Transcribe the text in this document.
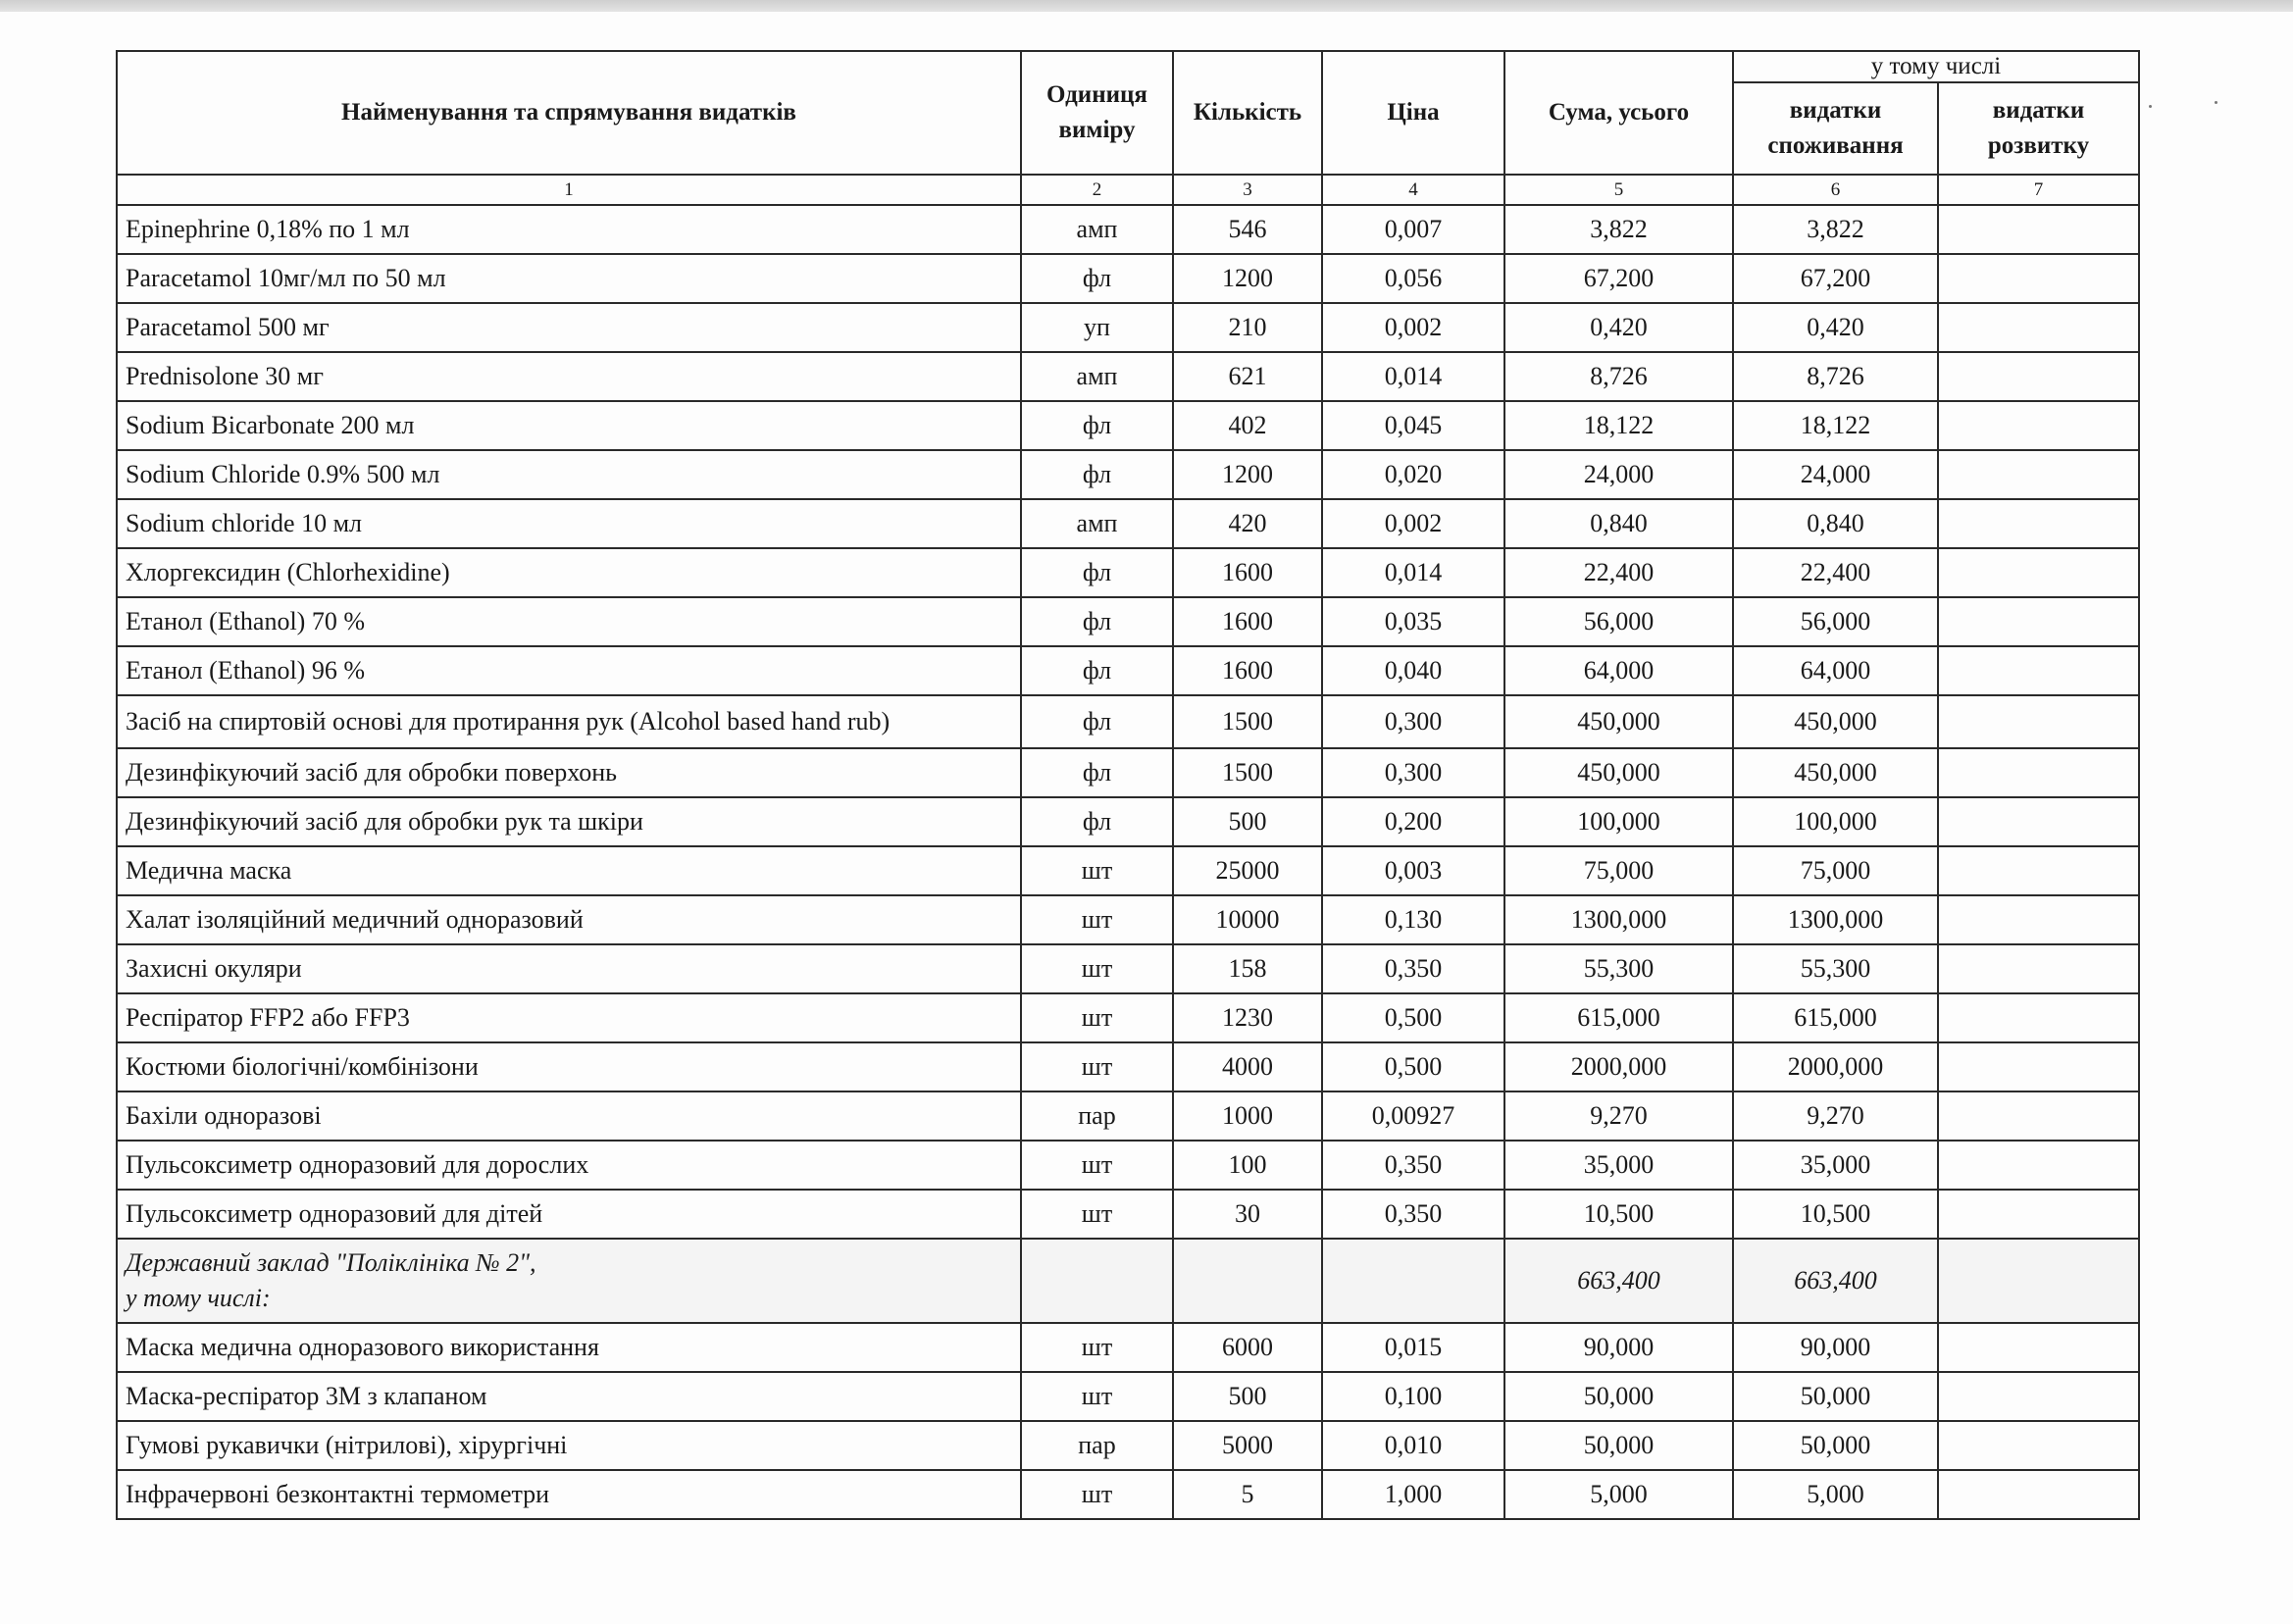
Найменування та спрямування видатків	Одиниця виміру	Кількість	Ціна	Сума, усього	у тому числі	
					видатки споживання	видатки розвитку
1	2	3	4	5	6	7
Epinephrine 0,18% по 1 мл	амп	546	0,007	3,822	3,822	
Paracetamol 10мг/мл по 50 мл	фл	1200	0,056	67,200	67,200	
Paracetamol 500 мг	уп	210	0,002	0,420	0,420	
Prednisolone 30 мг	амп	621	0,014	8,726	8,726	
Sodium Bicarbonate 200 мл	фл	402	0,045	18,122	18,122	
Sodium Chloride 0.9% 500 мл	фл	1200	0,020	24,000	24,000	
Sodium chloride 10 мл	амп	420	0,002	0,840	0,840	
Хлоргексидин (Chlorhexidine)	фл	1600	0,014	22,400	22,400	
Етанол (Ethanol) 70 %	фл	1600	0,035	56,000	56,000	
Етанол (Ethanol) 96 %	фл	1600	0,040	64,000	64,000	
Засіб на спиртовій основі для протирання рук (Alcohol based hand rub)	фл	1500	0,300	450,000	450,000	
Дезинфікуючий засіб для обробки поверхонь	фл	1500	0,300	450,000	450,000	
Дезинфікуючий засіб для обробки рук та шкіри	фл	500	0,200	100,000	100,000	
Медична маска	шт	25000	0,003	75,000	75,000	
Халат ізоляційний медичний одноразовий	шт	10000	0,130	1300,000	1300,000	
Захисні окуляри	шт	158	0,350	55,300	55,300	
Респіратор FFP2 або FFP3	шт	1230	0,500	615,000	615,000	
Костюми біологічні/комбінізони	шт	4000	0,500	2000,000	2000,000	
Бахіли одноразові	пар	1000	0,00927	9,270	9,270	
Пульсоксиметр одноразовий для дорослих	шт	100	0,350	35,000	35,000	
Пульсоксиметр одноразовий для дітей	шт	30	0,350	10,500	10,500	

Державний заклад "Поліклініка № 2",
у тому числі:				663,400	663,400	
Маска медична одноразового використання	шт	6000	0,015	90,000	90,000	
Маска-респіратор 3М з клапаном	шт	500	0,100	50,000	50,000	
Гумові рукавички (нітрилові), хірургічні	пар	5000	0,010	50,000	50,000	
Інфрачервоні безконтактні термометри	шт	5	1,000	5,000	5,000	
